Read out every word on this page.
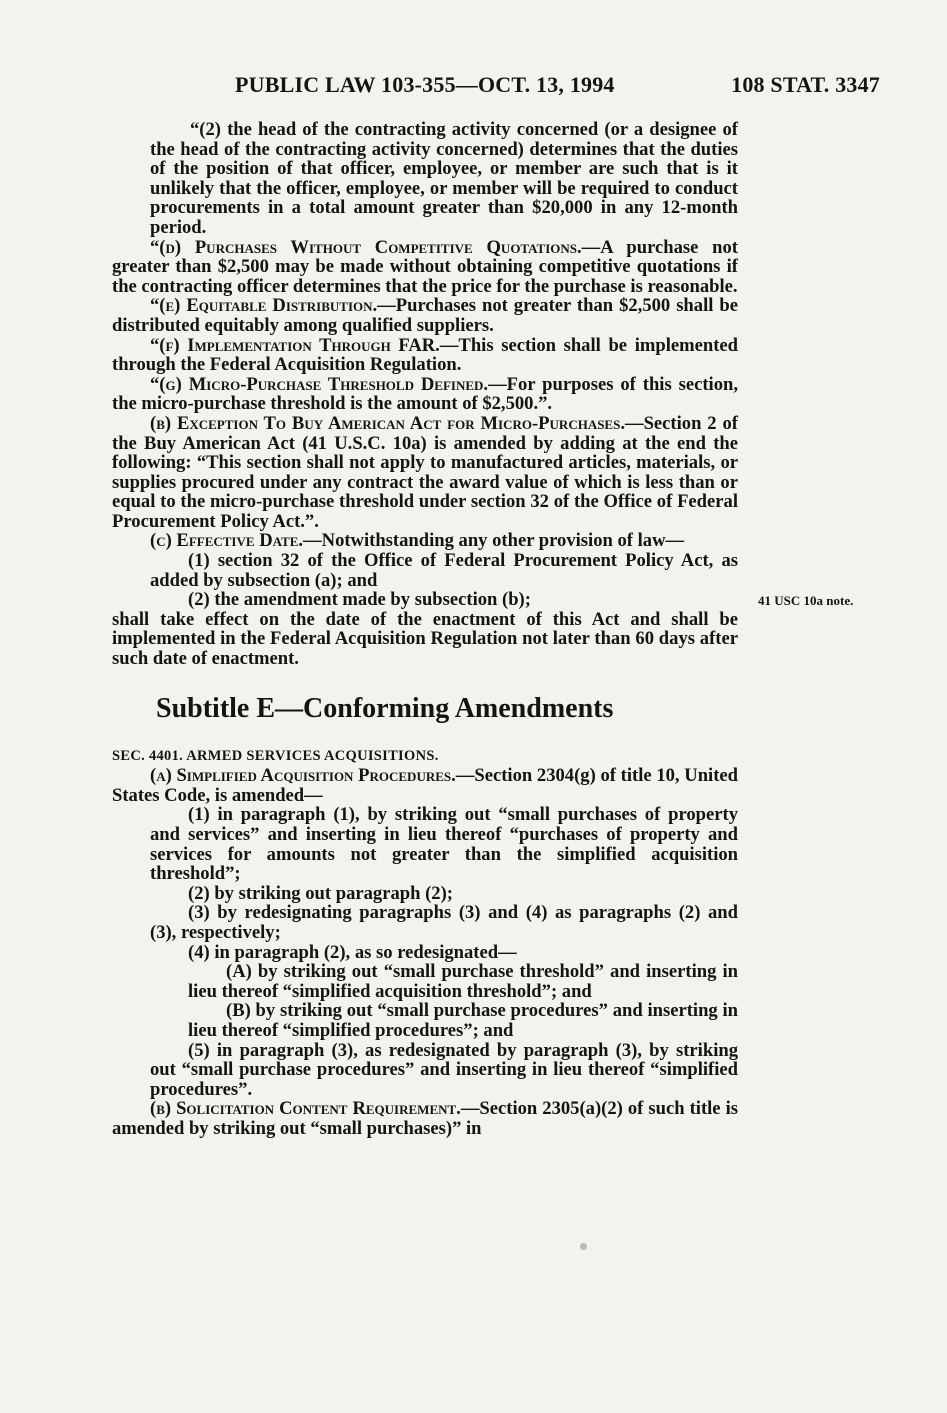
PUBLIC LAW 103-355—OCT. 13, 1994	108 STAT. 3347
41 USC 10a note.

“(2) the head of the contracting activity concerned (or a designee of the head of the contracting activity concerned) determines that the duties of the position of that officer, employee, or member are such that is it unlikely that the officer, employee, or member will be required to conduct procurements in a total amount greater than $20,000 in any 12-month period.

“(d) Purchases Without Competitive Quotations.—A purchase not greater than $2,500 may be made without obtaining competitive quotations if the contracting officer determines that the price for the purchase is reasonable.

“(e) Equitable Distribution.—Purchases not greater than $2,500 shall be distributed equitably among qualified suppliers.

“(f) Implementation Through FAR.—This section shall be implemented through the Federal Acquisition Regulation.

“(g) Micro-Purchase Threshold Defined.—For purposes of this section, the micro-purchase threshold is the amount of $2,500.”.

(b) Exception To Buy American Act for Micro-Purchases.—Section 2 of the Buy American Act (41 U.S.C. 10a) is amended by adding at the end the following: “This section shall not apply to manufactured articles, materials, or supplies procured under any contract the award value of which is less than or equal to the micro-purchase threshold under section 32 of the Office of Federal Procurement Policy Act.”.

(c) Effective Date.—Notwithstanding any other provision of law—

(1) section 32 of the Office of Federal Procurement Policy Act, as added by subsection (a); and

(2) the amendment made by subsection (b);

shall take effect on the date of the enactment of this Act and shall be implemented in the Federal Acquisition Regulation not later than 60 days after such date of enactment.

Subtitle E—Conforming Amendments

SEC. 4401. ARMED SERVICES ACQUISITIONS.

(a) Simplified Acquisition Procedures.—Section 2304(g) of title 10, United States Code, is amended—

(1) in paragraph (1), by striking out “small purchases of property and services” and inserting in lieu thereof “purchases of property and services for amounts not greater than the simplified acquisition threshold”;

(2) by striking out paragraph (2);

(3) by redesignating paragraphs (3) and (4) as paragraphs (2) and (3), respectively;

(4) in paragraph (2), as so redesignated—

(A) by striking out “small purchase threshold” and inserting in lieu thereof “simplified acquisition threshold”; and

(B) by striking out “small purchase procedures” and inserting in lieu thereof “simplified procedures”; and

(5) in paragraph (3), as redesignated by paragraph (3), by striking out “small purchase procedures” and inserting in lieu thereof “simplified procedures”.

(b) Solicitation Content Requirement.—Section 2305(a)(2) of such title is amended by striking out “small purchases)” in
